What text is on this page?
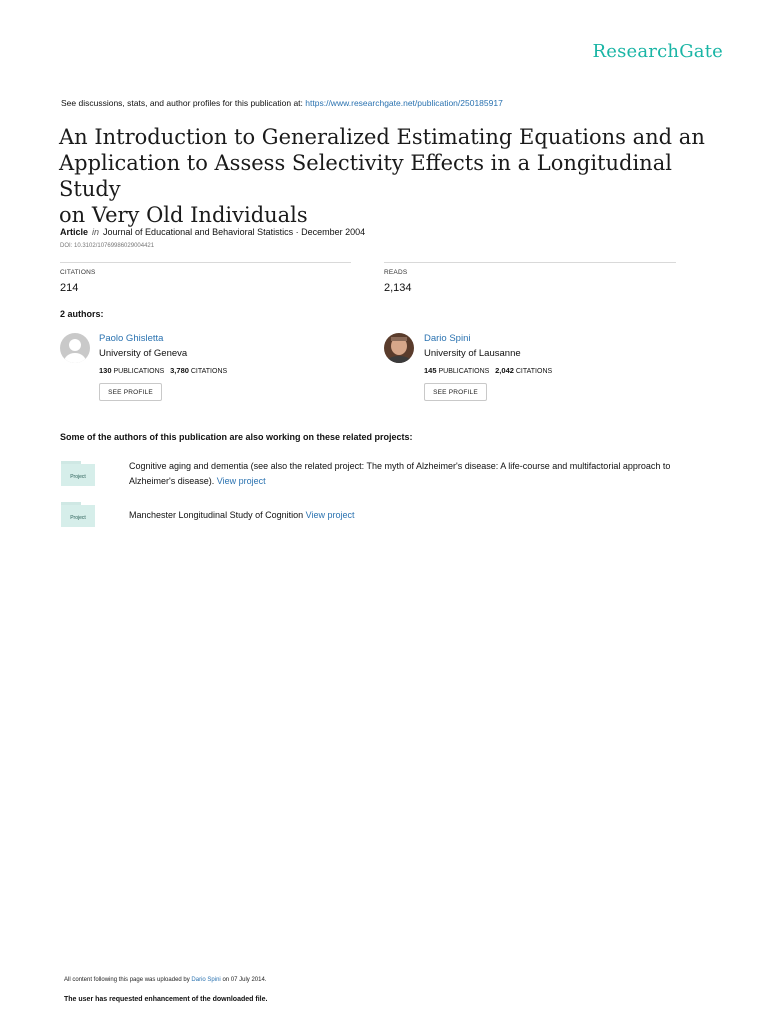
ResearchGate
See discussions, stats, and author profiles for this publication at: https://www.researchgate.net/publication/250185917
An Introduction to Generalized Estimating Equations and an
Application to Assess Selectivity Effects in a Longitudinal Study
on Very Old Individuals
Article in Journal of Educational and Behavioral Statistics · December 2004
DOI: 10.3102/10769986029004421
CITATIONS
214
READS
2,134
2 authors:
Paolo Ghisletta
University of Geneva
130 PUBLICATIONS 3,780 CITATIONS
SEE PROFILE
Dario Spini
University of Lausanne
145 PUBLICATIONS 2,042 CITATIONS
SEE PROFILE
Some of the authors of this publication are also working on these related projects:
Project
Cognitive aging and dementia (see also the related project: The myth of Alzheimer's disease: A life-course and multifactorial approach to
Alzheimer's disease). View project
Project	Manchester Longitudinal Study of Cognition View project
All content following this page was uploaded by Dario Spini on 07 July 2014.
The user has requested enhancement of the downloaded file.
